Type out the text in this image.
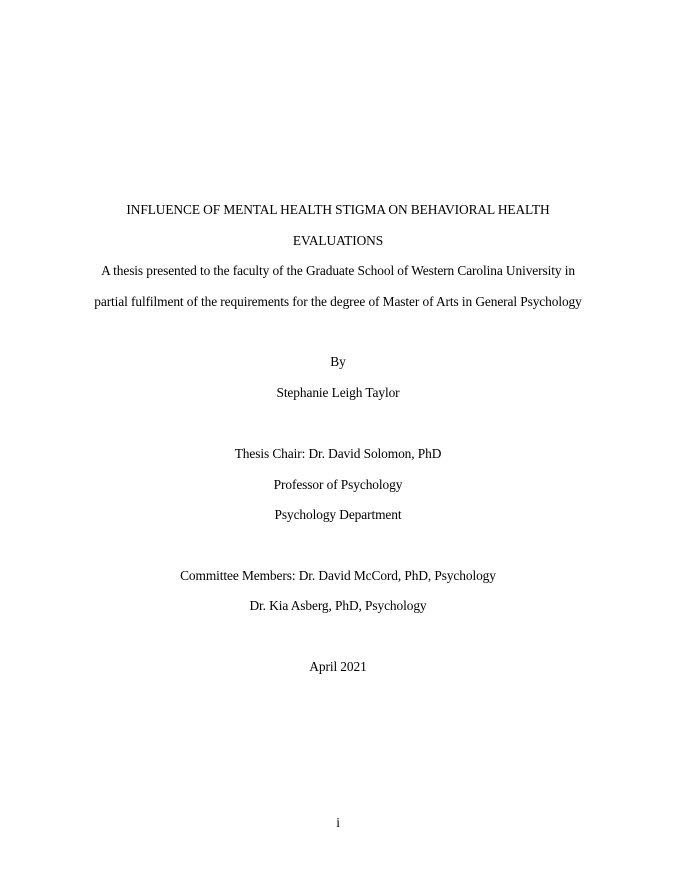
INFLUENCE OF MENTAL HEALTH STIGMA ON BEHAVIORAL HEALTH
EVALUATIONS
A thesis presented to the faculty of the Graduate School of Western Carolina University in
partial fulfilment of the requirements for the degree of Master of Arts in General Psychology
By
Stephanie Leigh Taylor
Thesis Chair: Dr. David Solomon, PhD
Professor of Psychology
Psychology Department
Committee Members: Dr. David McCord, PhD, Psychology
Dr. Kia Asberg, PhD, Psychology
April 2021
i
